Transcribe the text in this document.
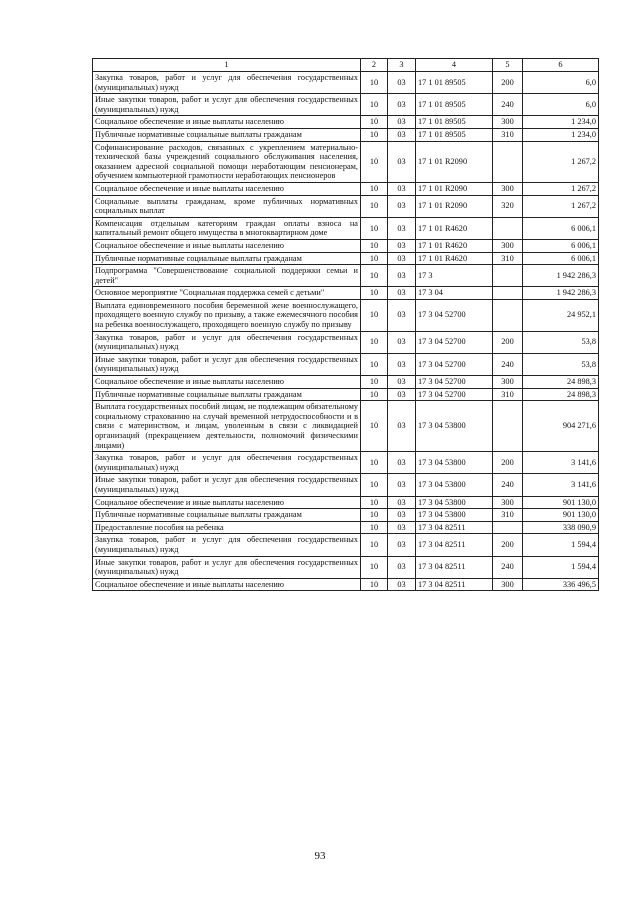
1	2	3	4	5	6
Закупка товаров, работ и услуг для обеспечения государственных (муниципальных) нужд	10	03	17 1 01 89505	200	6,0
Иные закупки товаров, работ и услуг для обеспечения государственных (муниципальных) нужд	10	03	17 1 01 89505	240	6,0
Социальное обеспечение и иные выплаты населению	10	03	17 1 01 89505	300	1 234,0
Публичные нормативные социальные выплаты гражданам	10	03	17 1 01 89505	310	1 234,0
Софинансирование расходов, связанных с укреплением материально-технической базы учреждений социального обслуживания населения, оказанием адресной социальной помощи неработающим пенсионерам, обучением компьютерной грамотности неработающих пенсионеров	10	03	17 1 01 R2090		1 267,2
Социальное обеспечение и иные выплаты населению	10	03	17 1 01 R2090	300	1 267,2
Социальные выплаты гражданам, кроме публичных нормативных социальных выплат	10	03	17 1 01 R2090	320	1 267,2
Компенсация отдельным категориям граждан оплаты взноса на капитальный ремонт общего имущества в многоквартирном доме	10	03	17 1 01 R4620		6 006,1
Социальное обеспечение и иные выплаты населению	10	03	17 1 01 R4620	300	6 006,1
Публичные нормативные социальные выплаты гражданам	10	03	17 1 01 R4620	310	6 006,1
Подпрограмма "Совершенствование социальной поддержки семьи и детей"	10	03	17 3		1 942 286,3
Основное мероприятие "Социальная поддержка семей с детьми"	10	03	17 3 04		1 942 286,3
Выплата единовременного пособия беременной жене военнослужащего, проходящего военную службу по призыву, а также ежемесячного пособия на ребенка военнослужащего, проходящего военную службу по призыву	10	03	17 3 04 52700		24 952,1
Закупка товаров, работ и услуг для обеспечения государственных (муниципальных) нужд	10	03	17 3 04 52700	200	53,8
Иные закупки товаров, работ и услуг для обеспечения государственных (муниципальных) нужд	10	03	17 3 04 52700	240	53,8
Социальное обеспечение и иные выплаты населению	10	03	17 3 04 52700	300	24 898,3
Публичные нормативные социальные выплаты гражданам	10	03	17 3 04 52700	310	24 898,3
Выплата государственных пособий лицам, не подлежащим обязательному социальному страхованию на случай временной нетрудоспособности и в связи с материнством, и лицам, уволенным в связи с ликвидацией организаций (прекращением деятельности, полномочий физическими лицами)	10	03	17 3 04 53800		904 271,6
Закупка товаров, работ и услуг для обеспечения государственных (муниципальных) нужд	10	03	17 3 04 53800	200	3 141,6
Иные закупки товаров, работ и услуг для обеспечения государственных (муниципальных) нужд	10	03	17 3 04 53800	240	3 141,6
Социальное обеспечение и иные выплаты населению	10	03	17 3 04 53800	300	901 130,0
Публичные нормативные социальные выплаты гражданам	10	03	17 3 04 53800	310	901 130,0
Предоставление пособия на ребенка	10	03	17 3 04 82511		338 090,9
Закупка товаров, работ и услуг для обеспечения государственных (муниципальных) нужд	10	03	17 3 04 82511	200	1 594,4
Иные закупки товаров, работ и услуг для обеспечения государственных (муниципальных) нужд	10	03	17 3 04 82511	240	1 594,4
Социальное обеспечение и иные выплаты населению	10	03	17 3 04 82511	300	336 496,5
93
